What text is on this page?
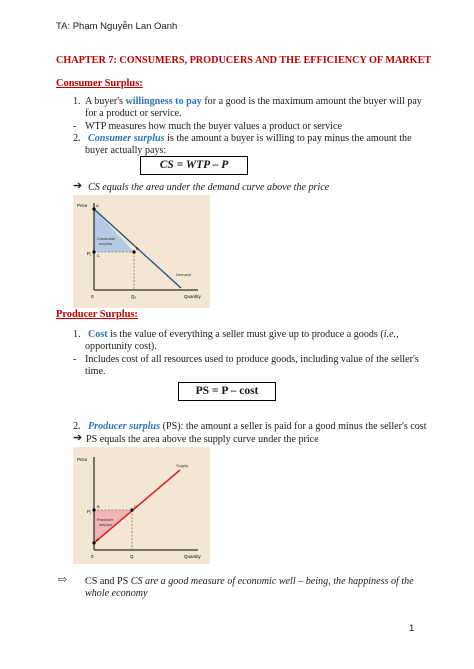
TA: Phạm Nguyễn Lan Oanh
CHAPTER 7: CONSUMERS, PRODUCERS AND THE EFFICIENCY OF MARKET
Consumer Surplus:
1. A buyer's willingness to pay for a good is the maximum amount the buyer will pay
for a product or service.
- WTP measures how much the buyer values a product or service
2. Consumer surplus is the amount a buyer is willing to pay minus the amount the
buyer actually pays:
CS = WTP – P
➔ CS equals the area under the demand curve above the price
Price A
P₁
Consumer
surplus
B
C
Demand
0	Q₁	Quantity
Producer Surplus:
1. Cost is the value of everything a seller must give up to produce a goods (i.e.,
opportunity cost).
- Includes cost of all resources used to produce goods, including value of the seller's
time.
PS = P – cost
2. Producer surplus (PS): the amount a seller is paid for a good minus the seller's cost
➔ PS equals the area above the supply curve under the price
Price
Supply
P₁
B
Producer
surplus
C
A
0	Q	Quantity
⇨ CS and PS CS are a good measure of economic well – being, the happiness of the
whole economy
1
